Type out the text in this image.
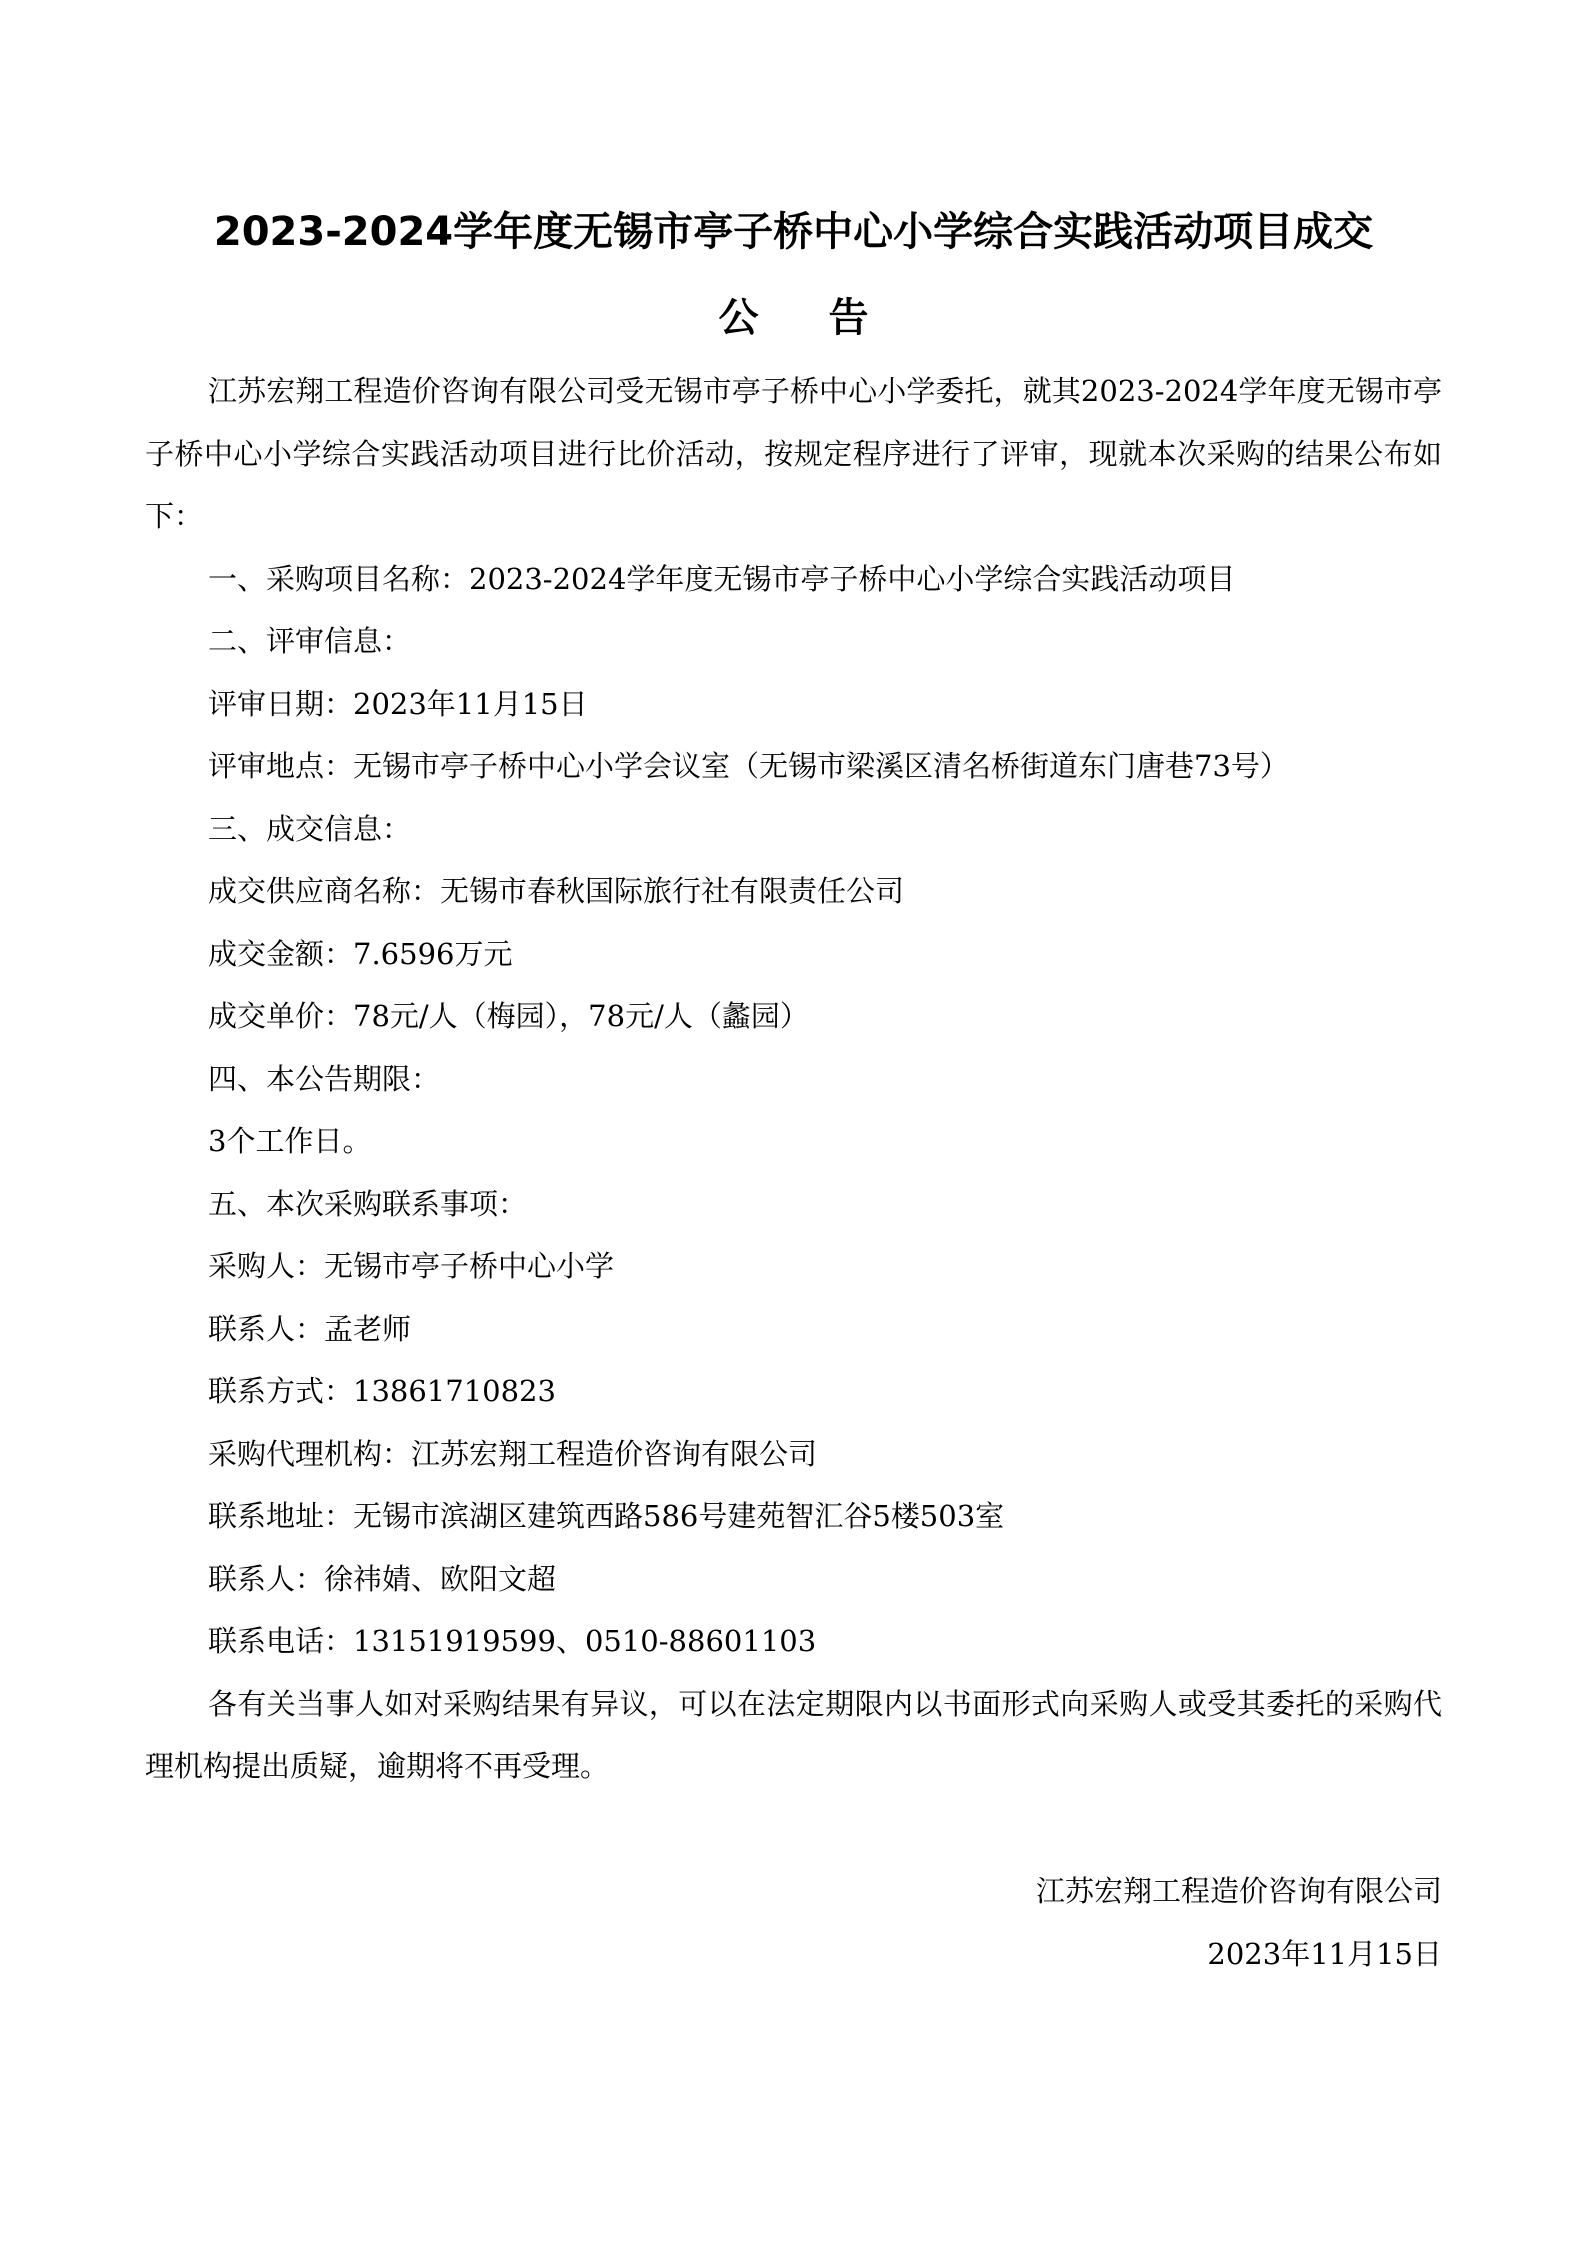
2023-2024学年度无锡市亭子桥中心小学综合实践活动项目成交
公告

江苏宏翔工程造价咨询有限公司受无锡市亭子桥中心小学委托，就其2023-2024学年度无锡市亭子桥中心小学综合实践活动项目进行比价活动，按规定程序进行了评审，现就本次采购的结果公布如下：

一、采购项目名称：2023-2024学年度无锡市亭子桥中心小学综合实践活动项目

二、评审信息：

评审日期：2023年11月15日

评审地点：无锡市亭子桥中心小学会议室（无锡市梁溪区清名桥街道东门唐巷73号）

三、成交信息：

成交供应商名称：无锡市春秋国际旅行社有限责任公司

成交金额：7.6596万元

成交单价：78元/人（梅园），78元/人（蠡园）

四、本公告期限：

3个工作日。

五、本次采购联系事项：

采购人：无锡市亭子桥中心小学

联系人：孟老师

联系方式：13861710823

采购代理机构：江苏宏翔工程造价咨询有限公司

联系地址：无锡市滨湖区建筑西路586号建苑智汇谷5楼503室

联系人：徐祎婧、欧阳文超

联系电话：13151919599、0510-88601103

各有关当事人如对采购结果有异议，可以在法定期限内以书面形式向采购人或受其委托的采购代理机构提出质疑，逾期将不再受理。

江苏宏翔工程造价咨询有限公司
2023年11月15日
